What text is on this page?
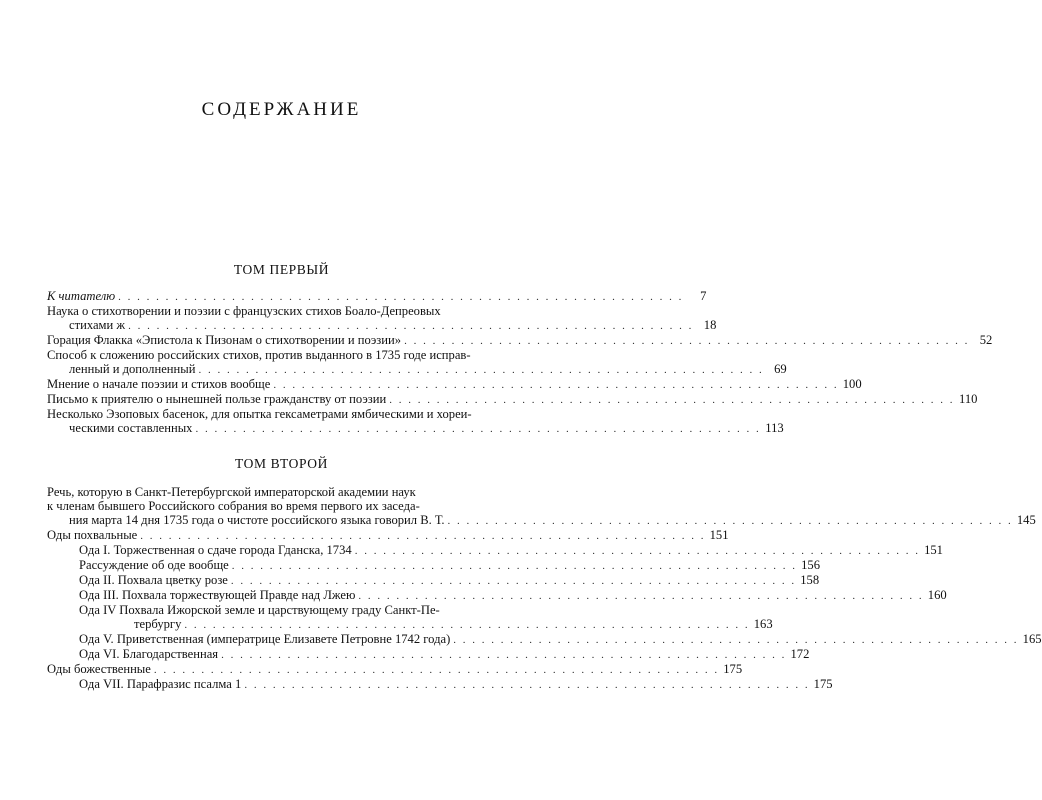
СОДЕРЖАНИЕ
ТОМ ПЕРВЫЙ
К читателю . . . . . . . . . . . . . . . . . . . . . . . . . . . . . . . . . . . . . . . . . . . . . . . . . . . . . . . . . . . .	7
Наука о стихотворении и поэзии с французских стихов Боало-Депреовых
стихами ж . . . . . . . . . . . . . . . . . . . . . . . . . . . . . . . . . . . . . . . . . . . . . . . . . . . . . . . . . . . . 18
Горация Флакка «Эпистола к Пизонам о стихотворении и поэзии» . . . . . . . . . . . . . . . . . . . . . . . . . . . . . . . . . . . . . . . . . . . . . . . . . . . . . . . . . . . . 52
Способ к сложению российских стихов, против выданного в 1735 годе исправ-
ленный и дополненный . . . . . . . . . . . . . . . . . . . . . . . . . . . . . . . . . . . . . . . . . . . . . . . . . . . . . . . . . . . . 69
Мнение о начале поэзии и стихов вообще . . . . . . . . . . . . . . . . . . . . . . . . . . . . . . . . . . . . . . . . . . . . . . . . . . . . . . . . . . . . 100
Письмо к приятелю о нынешней пользе гражданству от поэзии . . . . . . . . . . . . . . . . . . . . . . . . . . . . . . . . . . . . . . . . . . . . . . . . . . . . . . . . . . . . 110
Несколько Эзоповых басенок, для опытка гексаметрами ямбическими и хореи-
ческими составленных . . . . . . . . . . . . . . . . . . . . . . . . . . . . . . . . . . . . . . . . . . . . . . . . . . . . . . . . . . . . 113
ТОМ ВТОРОЙ
Речь, которую в Санкт-Петербургской императорской академии наук
к членам бывшего Российского собрания во время первого их заседа-
ния марта 14 дня 1735 года о чистоте российского языка говорил В. Т. . . . . . . . . . . . . . . . . . . . . . . . . . . . . . . . . . . . . . . . . . . . . . . . . . . . . . . . . . . . . 145
Оды похвальные . . . . . . . . . . . . . . . . . . . . . . . . . . . . . . . . . . . . . . . . . . . . . . . . . . . . . . . . . . . . 151
Ода I. Торжественная о сдаче города Гданска, 1734 . . . . . . . . . . . . . . . . . . . . . . . . . . . . . . . . . . . . . . . . . . . . . . . . . . . . . . . . . . . . 151
Рассуждение об оде вообще . . . . . . . . . . . . . . . . . . . . . . . . . . . . . . . . . . . . . . . . . . . . . . . . . . . . . . . . . . . . 156
Ода II. Похвала цветку розе . . . . . . . . . . . . . . . . . . . . . . . . . . . . . . . . . . . . . . . . . . . . . . . . . . . . . . . . . . . . 158
Ода III. Похвала торжествующей Правде над Лжею . . . . . . . . . . . . . . . . . . . . . . . . . . . . . . . . . . . . . . . . . . . . . . . . . . . . . . . . . . . . 160
Ода IV Похвала Ижорской земле и царствующему граду Санкт-Пе-
тербургу . . . . . . . . . . . . . . . . . . . . . . . . . . . . . . . . . . . . . . . . . . . . . . . . . . . . . . . . . . . . 163
Ода V. Приветственная (императрице Елизавете Петровне 1742 года) . . . . . . . . . . . . . . . . . . . . . . . . . . . . . . . . . . . . . . . . . . . . . . . . . . . . . . . . . . . . 165
Ода VI. Благодарственная . . . . . . . . . . . . . . . . . . . . . . . . . . . . . . . . . . . . . . . . . . . . . . . . . . . . . . . . . . . . 172
Оды божественные . . . . . . . . . . . . . . . . . . . . . . . . . . . . . . . . . . . . . . . . . . . . . . . . . . . . . . . . . . . . 175
Ода VII. Парафразис псалма 1 . . . . . . . . . . . . . . . . . . . . . . . . . . . . . . . . . . . . . . . . . . . . . . . . . . . . . . . . . . . . 175
